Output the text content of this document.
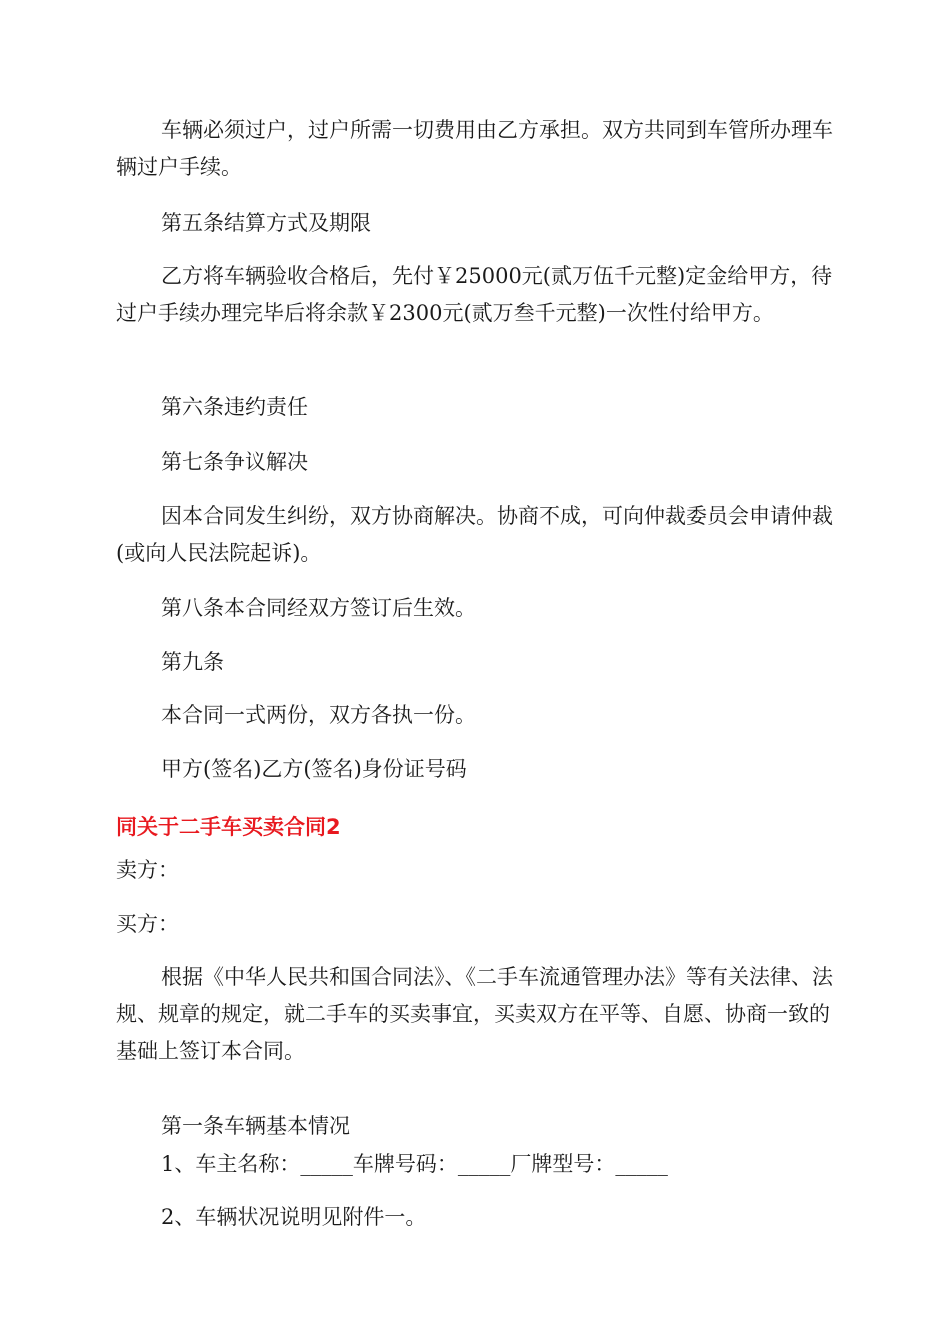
车辆必须过户，过户所需一切费用由乙方承担。双方共同到车管所办理车辆过户手续。

第五条结算方式及期限

乙方将车辆验收合格后，先付￥25000元(贰万伍千元整)定金给甲方，待过户手续办理完毕后将余款￥2300元(贰万叁千元整)一次性付给甲方。

第六条违约责任

第七条争议解决

因本合同发生纠纷，双方协商解决。协商不成，可向仲裁委员会申请仲裁(或向人民法院起诉)。

第八条本合同经双方签订后生效。

第九条

本合同一式两份，双方各执一份。

甲方(签名)乙方(签名)身份证号码

同关于二手车买卖合同2

卖方：

买方：

根据《中华人民共和国合同法》、《二手车流通管理办法》等有关法律、法规、规章的规定，就二手车的买卖事宜，买卖双方在平等、自愿、协商一致的基础上签订本合同。

第一条车辆基本情况

1、车主名称：_____车牌号码：_____厂牌型号：_____

2、车辆状况说明见附件一。
